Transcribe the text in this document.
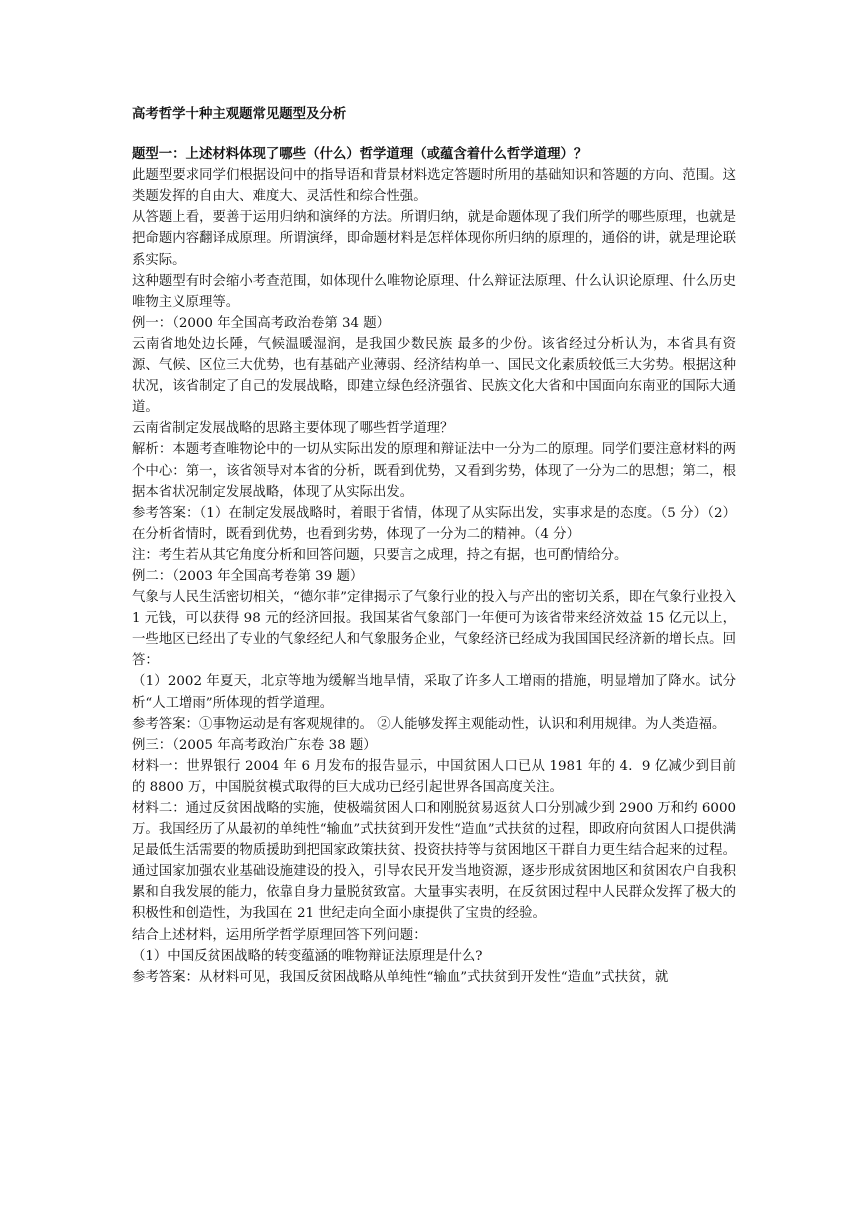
高考哲学十种主观题常见题型及分析

题型一：上述材料体现了哪些（什么）哲学道理（或蕴含着什么哲学道理）？

此题型要求同学们根据设问中的指导语和背景材料选定答题时所用的基础知识和答题的方向、范围。这类题发挥的自由大、难度大、灵活性和综合性强。

从答题上看，要善于运用归纳和演绎的方法。所谓归纳，就是命题体现了我们所学的哪些原理，也就是把命题内容翻译成原理。所谓演绎，即命题材料是怎样体现你所归纳的原理的，通俗的讲，就是理论联系实际。

这种题型有时会缩小考查范围，如体现什么唯物论原理、什么辩证法原理、什么认识论原理、什么历史唯物主义原理等。

例一：（2000 年全国高考政治卷第 34 题）

云南省地处边长陲，气候温暖湿润，是我国少数民族 最多的少份。该省经过分析认为，本省具有资源、气候、区位三大优势，也有基础产业薄弱、经济结构单一、国民文化素质较低三大劣势。根据这种状况，该省制定了自己的发展战略，即建立绿色经济强省、民族文化大省和中国面向东南亚的国际大通道。

云南省制定发展战略的思路主要体现了哪些哲学道理？

解析：本题考查唯物论中的一切从实际出发的原理和辩证法中一分为二的原理。同学们要注意材料的两个中心：第一，该省领导对本省的分析，既看到优势，又看到劣势，体现了一分为二的思想；第二，根据本省状况制定发展战略，体现了从实际出发。

参考答案：（1）在制定发展战略时，着眼于省情，体现了从实际出发，实事求是的态度。（5 分）（2）在分析省情时，既看到优势，也看到劣势，体现了一分为二的精神。（4 分）

注：考生若从其它角度分析和回答问题，只要言之成理，持之有据，也可酌情给分。

例二：（2003 年全国高考卷第 39 题）

气象与人民生活密切相关，“德尔菲”定律揭示了气象行业的投入与产出的密切关系，即在气象行业投入 1 元钱，可以获得 98 元的经济回报。我国某省气象部门一年便可为该省带来经济效益 15 亿元以上，一些地区已经出了专业的气象经纪人和气象服务企业，气象经济已经成为我国国民经济新的增长点。回答：

（1）2002 年夏天，北京等地为缓解当地旱情，采取了许多人工增雨的措施，明显增加了降水。试分析“人工增雨”所体现的哲学道理。

参考答案：①事物运动是有客观规律的。 ②人能够发挥主观能动性，认识和利用规律。为人类造福。

例三：（2005 年高考政治广东卷 38 题）

材料一：世界银行 2004 年 6 月发布的报告显示，中国贫困人口已从 1981 年的 4．9 亿减少到目前的 8800 万，中国脱贫模式取得的巨大成功已经引起世界各国高度关注。

材料二：通过反贫困战略的实施，使极端贫困人口和刚脱贫易返贫人口分别减少到 2900 万和约 6000 万。我国经历了从最初的单纯性“输血”式扶贫到开发性“造血”式扶贫的过程，即政府向贫困人口提供满足最低生活需要的物质援助到把国家政策扶贫、投资扶持等与贫困地区干群自力更生结合起来的过程。通过国家加强农业基础设施建设的投入，引导农民开发当地资源，逐步形成贫困地区和贫困农户自我积累和自我发展的能力，依靠自身力量脱贫致富。大量事实表明，在反贫困过程中人民群众发挥了极大的积极性和创造性，为我国在 21 世纪走向全面小康提供了宝贵的经验。

结合上述材料，运用所学哲学原理回答下列问题：

（1）中国反贫困战略的转变蕴涵的唯物辩证法原理是什么?

参考答案：从材料可见，我国反贫困战略从单纯性“输血”式扶贫到开发性“造血”式扶贫，就
